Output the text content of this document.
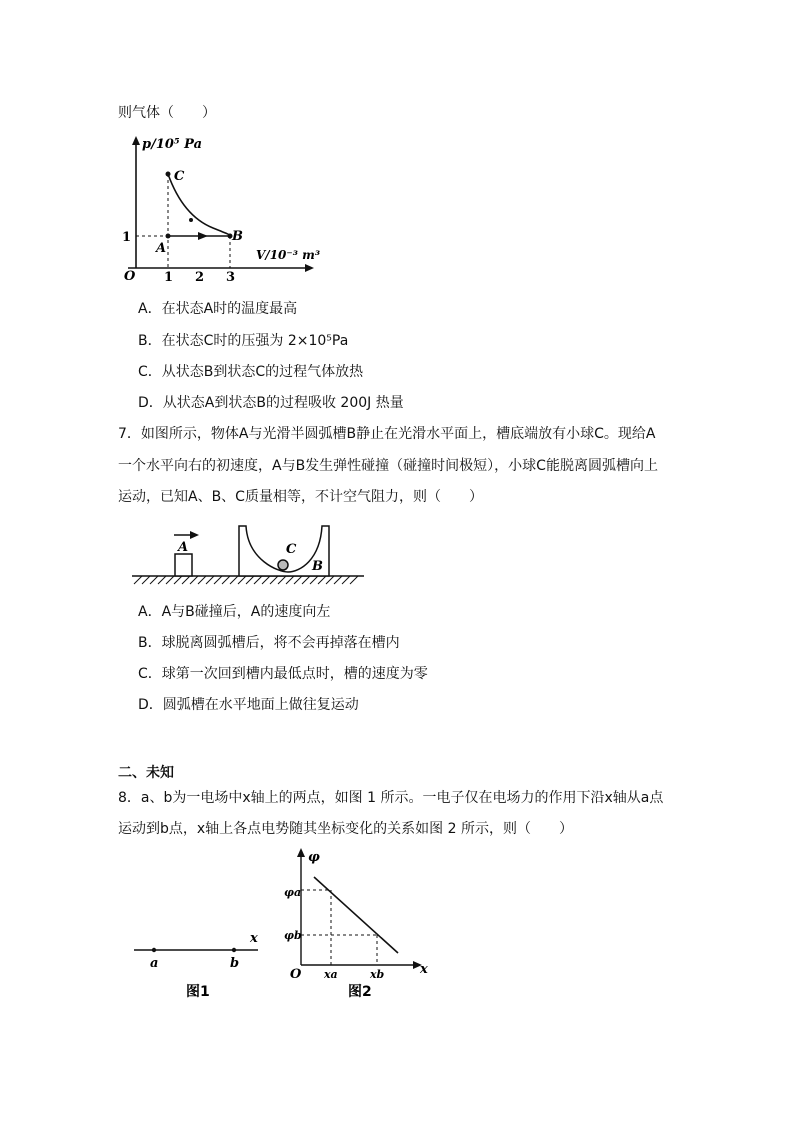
则气体（　　）
p/10⁵ Pa
V/10⁻³ m³
O
C
A
B
1
1 2 3
A．在状态A时的温度最高
B．在状态C时的压强为 2×10⁵Pa
C．从状态B到状态C的过程气体放热
D．从状态A到状态B的过程吸收 200J 热量
7．如图所示，物体A与光滑半圆弧槽B静止在光滑水平面上，槽底端放有小球C。现给A
一个水平向右的初速度，A与B发生弹性碰撞（碰撞时间极短），小球C能脱离圆弧槽向上
运动，已知A、B、C质量相等，不计空气阻力，则（　　）
A	C
B
A．A与B碰撞后，A的速度向左
B．球脱离圆弧槽后，将不会再掉落在槽内
C．球第一次回到槽内最低点时，槽的速度为零
D．圆弧槽在水平地面上做往复运动
二、未知
8．a、b为一电场中x轴上的两点，如图 1 所示。一电子仅在电场力的作用下沿x轴从a点
运动到b点，x轴上各点电势随其坐标变化的关系如图 2 所示，则（　　）
x
a	b
图1
φ
x
O
φa
φb
xa	xb
图2
